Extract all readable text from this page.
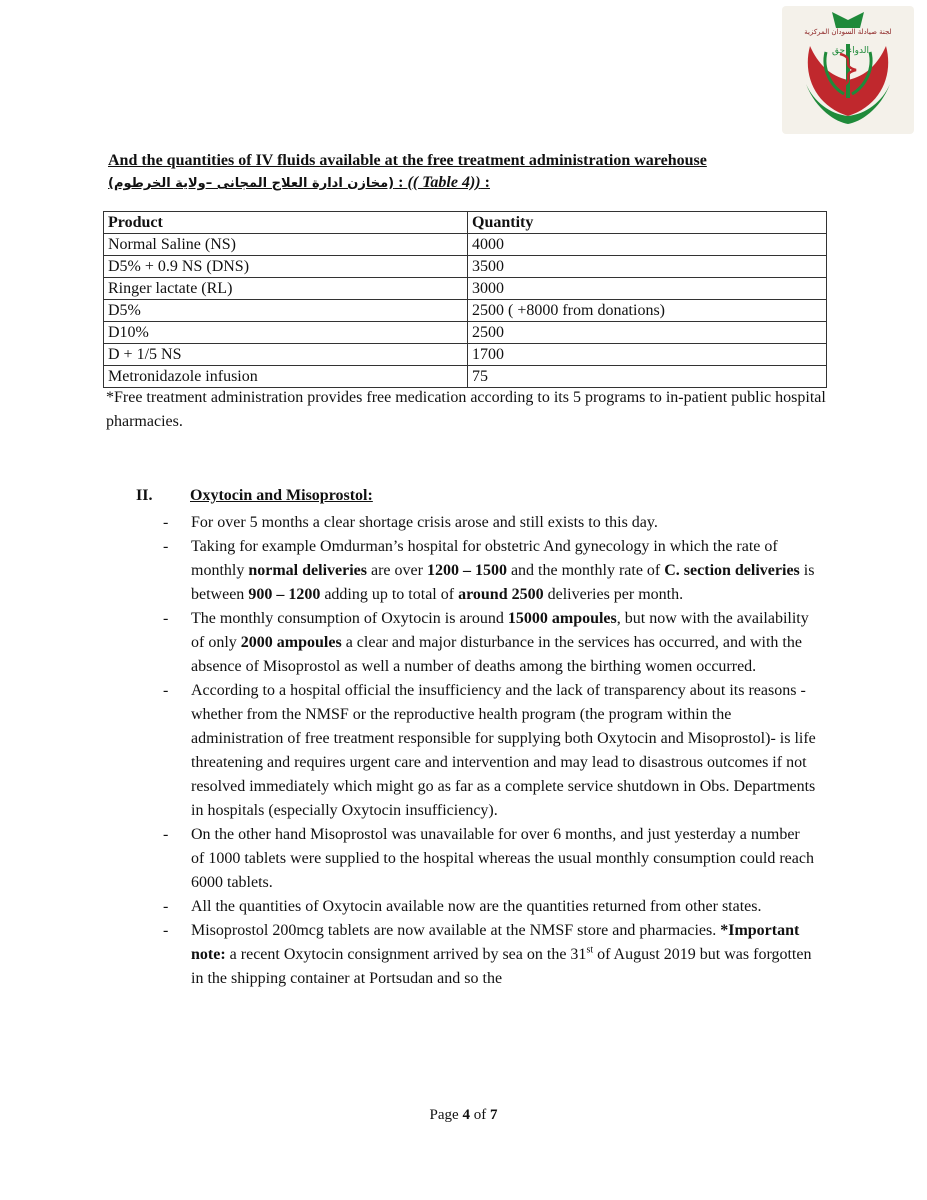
لجنة صيادلة السودان المركزية
الدواء حق
And the quantities of IV fluids available at the free treatment administration warehouse
(مخازن ادارة العلاج المجانى –ولاية الخرطوم) : (( Table 4)) :
Product	Quantity
Normal Saline (NS)	4000
D5% + 0.9 NS (DNS)	3500
Ringer lactate (RL)	3000
D5%	2500 ( +8000 from donations)
D10%	2500
D + 1/5 NS	1700
Metronidazole infusion	75
*Free treatment administration provides free medication according to its 5 programs to in-patient public hospital pharmacies.
II. Oxytocin and Misoprostol:
- For over 5 months a clear shortage crisis arose and still exists to this day.
- Taking for example Omdurman’s hospital for obstetric And gynecology in which the rate of monthly normal deliveries are over 1200 – 1500 and the monthly rate of C. section deliveries is between 900 – 1200 adding up to total of around 2500 deliveries per month.
- The monthly consumption of Oxytocin is around 15000 ampoules, but now with the availability of only 2000 ampoules a clear and major disturbance in the services has occurred, and with the absence of Misoprostol as well a number of deaths among the birthing women occurred.
- According to a hospital official the insufficiency and the lack of transparency about its reasons -whether from the NMSF or the reproductive health program (the program within the administration of free treatment responsible for supplying both Oxytocin and Misoprostol)- is life threatening and requires urgent care and intervention and may lead to disastrous outcomes if not resolved immediately which might go as far as a complete service shutdown in Obs. Departments in hospitals (especially Oxytocin insufficiency).
- On the other hand Misoprostol was unavailable for over 6 months, and just yesterday a number of 1000 tablets were supplied to the hospital whereas the usual monthly consumption could reach 6000 tablets.
- All the quantities of Oxytocin available now are the quantities returned from other states.
- Misoprostol 200mcg tablets are now available at the NMSF store and pharmacies. *Important note: a recent Oxytocin consignment arrived by sea on the 31st of August 2019 but was forgotten in the shipping container at Portsudan and so the
Page 4 of 7
